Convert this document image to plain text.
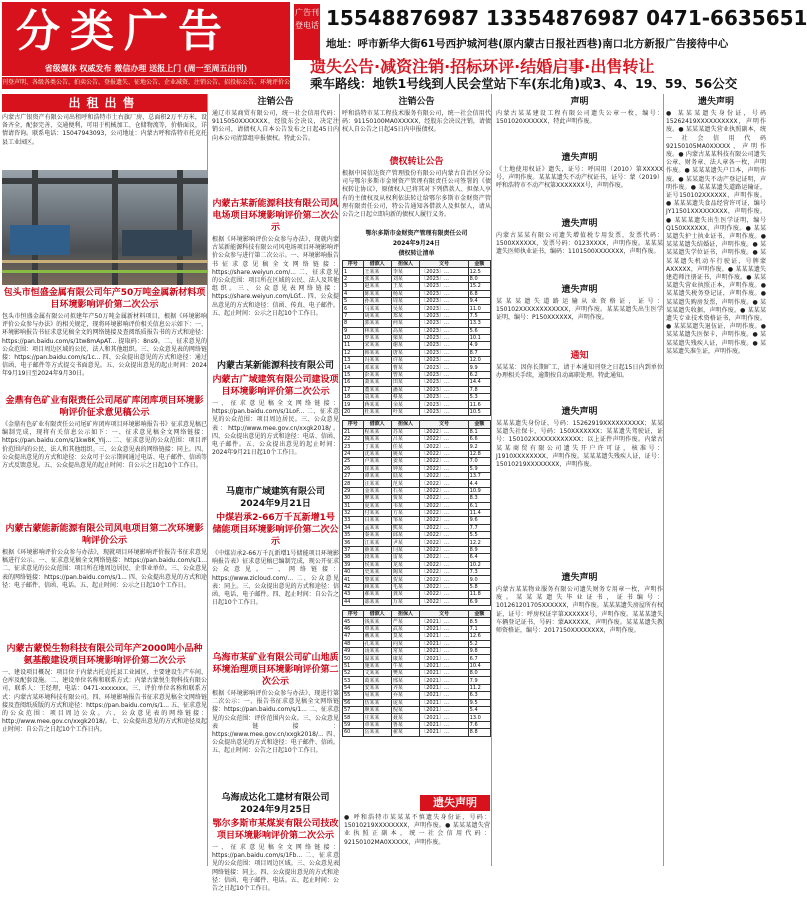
分类广告
省级媒体 权威发布 微信办理 送报上门 (周一至周五出刊)
刊登声明、各级各类公告、拍卖公告、登报遗失、征地公告、企业减资、注销公告、招投标公告、环境评价公示
广告刊登电话 15548876987 13354876987 0471-6635651
地址：呼市新华大街61号西护城河巷(原内蒙古日报社西巷)南口北方新报广告接待中心
遗失公告·减资注销·招标环评·结婚启事·出售转让
乘车路线：地铁1号线到人民会堂站下车(东北角)或3、4、19、59、56公交
出租出售
内蒙古广银资产有限公司出租呼和浩特市土右旗厂房，总面积2万平方米，设备齐全，配套完善，交通便利，可用于机械加工、仓储物流等，价格面议，详情请咨询。联系电话：15047943093，公司地址：内蒙古呼和浩特市托克托县工业园区。
包头市恒盛金属有限公司年产50万吨金属新材料项目环境影响评价第二次公示
包头市恒盛金属有限公司拟建年产50万吨金属新材料项目，根据《环境影响评价公众参与办法》的相关规定，现将环境影响评价相关信息公示如下：一、环境影响报告书征求意见稿全文的网络链接及查阅纸质报告书的方式和途径：https://pan.baidu.com/s/1tw8mApAT... 提取码：8ns9。二、征求意见的公众范围：项目周边区域的公民、法人和其他组织。三、公众意见表的网络链接：https://pan.baidu.com/s/1c... 四、公众提出意见的方式和途径：通过信函、电子邮件等方式提交书面意见。五、公众提出意见的起止时间：2024年9月19日至2024年9月30日。
金鼎有色矿业有限责任公司尾矿库闭库项目环境影响评价征求意见稿公示
《金鼎有色矿业有限责任公司尾矿库闭库项目环境影响报告书》征求意见稿已编制完成，现将有关信息公示如下：一、征求意见稿全文网络链接：https://pan.baidu.com/s/1kw8K_YIj... 二、征求意见的公众范围：项目评价范围内的公民、法人和其他组织。三、公众意见表的网络链接：同上。四、公众提出意见的方式和途径：公众可于公示期间通过电话、电子邮件、信函等方式反馈意见。五、公众提出意见的起止时间：自公示之日起10个工作日。
内蒙古蒙能新能源有限公司风电项目第二次环境影响评价公示
根据《环境影响评价公众参与办法》，现就项目环境影响评价报告书征求意见稿进行公示。一、征求意见稿全文网络链接：https://pan.baidu.com/s/1... 二、征求意见的公众范围：项目所在地周边居民、企事业单位。三、公众意见表的网络链接：https://pan.baidu.com/s/1... 四、公众提出意见的方式和途径：电子邮件、信函、电话。五、起止时间：公示之日起10个工作日。
内蒙古蒙悦生物科技有限公司年产2000吨小品种氨基酸建设项目环境影响评价第二次公示
一、建设项目概况：项目位于内蒙古托克托县工业园区，主要建设生产车间、仓库及配套设施。二、建设单位名称和联系方式：内蒙古蒙悦生物科技有限公司，联系人：王经理，电话：0471-xxxxxxx。三、评价单位名称和联系方式：内蒙古某环境科技有限公司。四、环境影响报告书征求意见稿全文网络链接及查阅纸质版的方式和途径：https://pan.baidu.com/s/1... 五、征求意见的公众范围：项目周边公众。六、公众意见表的网络链接：http://www.mee.gov.cn/xxgk2018/。七、公众提出意见的方式和途径及起止时间：自公告之日起10个工作日内。
注销公告
通辽市某商贸有限公司，统一社会信用代码：9115050XXXXXXX，经股东会决议，决定注销公司，请债权人自本公告发布之日起45日内向本公司清算组申报债权。特此公告。
内蒙古某新能源科技有限公司风电场项目环境影响评价第二次公示
根据《环境影响评价公众参与办法》，现就内蒙古某新能源科技有限公司风电场项目环境影响评价公众参与进行第二次公示。一、环境影响报告书征求意见稿全文网络链接：https://share.weiyun.com/... 二、征求意见的公众范围：项目所在区域的公民、法人及其他组织。三、公众意见表网络链接：https://share.weiyun.com/LGf... 四、公众提出意见的方式和途径：信函、传真、电子邮件。五、起止时间：公示之日起10个工作日。
内蒙古某新能源科技有限公司
内蒙古广域建筑有限公司建设项目环境影响评价第二次公示
一、征求意见稿全文网络链接：https://pan.baidu.com/s/1LoF... 二、征求意见的公众范围：项目周边居民。三、公众意见表：http://www.mee.gov.cn/xxgk2018/。四、公众提出意见的方式和途径：电话、信函、电子邮件。五、公众提出意见的起止时间：2024年9月21日起10个工作日。
马鹿市广域建筑有限公司 2024年9月21日
中煤岩承2-66万千瓦新增1号储能项目环境影响评价第二次公示
《中煤岩承2-66万千瓦新增1号储能项目环境影响报告表》征求意见稿已编制完成，现公开征求公众意见。一、网络链接：https://www.zicloud.com/... 二、公众意见表：同上。三、公众提出意见的方式和途径：信函、电话、电子邮件。四、起止时间：自公告之日起10个工作日。
乌海市某矿业有限公司矿山地质环境治理项目环境影响评价第二次公示
根据《环境影响评价公众参与办法》，现进行第二次公示：一、报告书征求意见稿全文网络链接：https://pan.baidu.com/s/1... 二、征求意见的公众范围：评价范围内公众。三、公众意见表链接：https://www.mee.gov.cn/xxgk2018/... 四、公众提出意见的方式和途径：电子邮件、信函。五、起止时间：公告之日起10个工作日。
乌海成达化工建材有限公司 2024年9月25日
鄂尔多斯市某煤炭有限公司技改项目环境影响评价第二次公示
一、征求意见稿全文网络链接：https://pan.baidu.com/s/1Fb... 二、征求意见的公众范围：项目周边区域。三、公众意见表网络链接：同上。四、公众提出意见的方式和途径：信函、电子邮件、电话。五、起止时间：公告之日起10个工作日。
注销公告
呼和浩特市某工程技术服务有限公司，统一社会信用代码：91150100MA0XXXXX，经股东会决议注销，请债权人自公告之日起45日内申报债权。
债权转让公告
根据中国信达资产管理股份有限公司内蒙古自治区分公司与鄂尔多斯市金财资产管理有限责任公司签署的《债权转让协议》，原债权人已将其对下列借款人、担保人享有的主债权及从权利依法转让给鄂尔多斯市金财资产管理有限责任公司，特公告通知各借款人及担保人，请从公告之日起立即向新的债权人履行义务。
鄂尔多斯市金财资产管理有限责任公司
2024年9月24日
债权转让清单
序号	借款人	担保人	文号	金额
1	王某某	李某	〔2023〕…	12.5
2	张某某	刘某	〔2023〕…	8.0
3	赵某某	王某	〔2023〕…	15.2
4	陈某某	杨某	〔2023〕…	6.8
5	孙某某	周某	〔2023〕…	9.4
6	马某某	吴某	〔2023〕…	11.0
7	胡某某	郑某	〔2023〕…	7.5
8	郭某某	何某	〔2023〕…	13.3
9	林某某	高某	〔2023〕…	5.6
10	罗某某	梁某	〔2023〕…	10.1
11	宋某某	谢某	〔2023〕…	4.9
12	韩某某	唐某	〔2023〕…	8.7
13	冯某某	许某	〔2023〕…	12.0
14	邓某某	曹某	〔2023〕…	9.9
15	彭某某	曾某	〔2023〕…	6.2
16	萧某某	田某	〔2023〕…	14.4
17	董某某	潘某	〔2023〕…	7.8
18	袁某某	蔡某	〔2023〕…	5.3
19	蒋某某	余某	〔2023〕…	11.6
20	杜某某	叶某	〔2023〕…	10.5
序号	借款人	担保人	文号	金额
21	程某某	苏某	〔2022〕…	8.1
22	魏某某	吕某	〔2022〕…	6.6
23	丁某某	任某	〔2022〕…	9.2
24	沈某某	姚某	〔2022〕…	12.8
25	卢某某	姜某	〔2022〕…	7.0
26	崔某某	钟某	〔2022〕…	5.9
27	谭某某	陆某	〔2022〕…	13.7
28	汪某某	范某	〔2022〕…	4.4
29	金某某	石某	〔2022〕…	10.9
30	廖某某	贾某	〔2022〕…	8.3
31	夏某某	韦某	〔2022〕…	6.1
32	付某某	方某	〔2022〕…	11.4
33	白某某	邹某	〔2022〕…	9.6
34	孟某某	熊某	〔2022〕…	7.7
35	秦某某	邱某	〔2022〕…	5.5
36	江某某	尹某	〔2022〕…	12.2
37	薛某某	闫某	〔2022〕…	8.9
38	段某某	雷某	〔2022〕…	6.4
39	侯某某	龙某	〔2022〕…	10.2
40	史某某	陶某	〔2022〕…	7.3
41	黎某某	贺某	〔2022〕…	9.0
42	顾某某	毛某	〔2022〕…	5.8
43	郝某某	龚某	〔2022〕…	11.8
44	邵某某	万某	〔2022〕…	6.9
序号	借款人	担保人	文号	金额
45	钱某某	严某	〔2021〕…	8.5
46	覃某某	武某	〔2021〕…	7.1
47	戴某某	莫某	〔2021〕…	12.6
48	孔某某	向某	〔2021〕…	5.2
49	汤某某	常某	〔2021〕…	9.8
50	温某某	康某	〔2021〕…	6.7
51	施某某	牛某	〔2021〕…	10.4
52	文某某	樊某	〔2021〕…	8.0
53	葛某某	邢某	〔2021〕…	7.9
54	安某某	齐某	〔2021〕…	11.2
55	易某某	乔某	〔2021〕…	6.3
56	伍某某	庞某	〔2021〕…	9.5
57	颜某某	倪某	〔2021〕…	5.4
58	庄某某	聂某	〔2021〕…	13.0
59	章某某	鲁某	〔2021〕…	7.6
60	岳某某	翟某	〔2021〕…	8.8
遗失声明
● 呼和浩特市某某某不慎遗失身份证，号码：15010219XXXXXXXX，声明作废。● 某某某遗失营业执照正副本，统一社会信用代码：92150102MA0XXXXX，声明作废。
声明
内蒙古某某建设工程有限公司遗失公章一枚，编号：1501020XXXXXX，特此声明作废。
遗失声明
《土地使用权证》遗失，证号：呼国用（2010）第XXXXX号，声明作废。某某某遗失不动产权证书，证号：蒙（2019）呼和浩特市不动产权第XXXXXXX号，声明作废。
遗失声明
内蒙古某某有限公司遗失增值税专用发票，发票代码：1500XXXXXX，发票号码：0123XXXX，声明作废。某某某遗失医师执业证书，编码：1101500XXXXXXX，声明作废。
遗失声明
某某某遗失道路运输从业资格证，证号：150102XXXXXXXXXXXX，声明作废。某某某遗失出生医学证明，编号：P150XXXXXX，声明作废。
通知
某某某：因你长期旷工，请于本通知刊登之日起15日内到单位办理相关手续，逾期按自动离职处理。特此通知。
遗失声明
某某某遗失身份证，号码：15262919XXXXXXXXXX；某某某遗失社保卡，号码：150XXXXXXX；某某遗失驾驶证，证号：150102XXXXXXXXXXXX；以上证件声明作废。内蒙古某某商贸有限公司遗失开户许可证，核准号：J1910XXXXXXXX，声明作废。某某某遗失残疾人证，证号：15010219XXXXXXXX，声明作废。
遗失声明
内蒙古某某物业服务有限公司遗失财务专用章一枚，声明作废。某某某遗失毕业证书，证书编号：101261201705XXXXXX，声明作废。某某某遗失房屋所有权证，证号：呼房权证字第XXXXXX号，声明作废。某某某遗失车辆登记证书，号码：蒙AXXXXX，声明作废。某某某遗失教师资格证，编号：2017150XXXXXXXX，声明作废。
遗失声明
● 某某某遗失身份证，号码15262419XXXXXXXXXX，声明作废。● 某某某遗失营业执照副本，统一社会信用代码92150105MA0XXXXX，声明作废。● 内蒙古某某科技有限公司遗失公章、财务章、法人章各一枚，声明作废。● 某某某遗失户口本，声明作废。● 某某遗失不动产登记证明，声明作废。● 某某某遗失道路运输证，证号150102XXXXXX，声明作废。● 某某某遗失食品经营许可证，编号JY11501XXXXXXXXX，声明作废。● 某某某遗失出生医学证明，编号Q150XXXXXX，声明作废。● 某某某遗失护士执业证书，声明作废。● 某某某遗失结婚证，声明作废。● 某某某遗失学位证书，声明作废。● 某某某遗失机动车行驶证，号牌蒙AXXXXX，声明作废。● 某某某遗失建造师注册证书，声明作废。● 某某某遗失营业执照正本，声明作废。● 某某遗失税务登记证，声明作废。● 某某遗失购房发票，声明作废。● 某某某遗失收据，声明作废。● 某某某遗失专业技术资格证书，声明作废。● 某某某遗失退伍证，声明作废。● 某某某遗失医保卡，声明作废。● 某某某遗失残疾人证，声明作废。● 某某某遗失准生证，声明作废。
